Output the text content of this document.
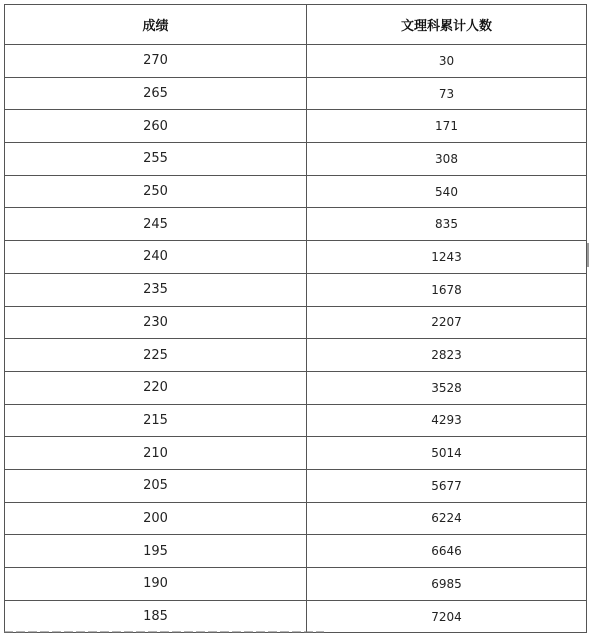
成绩	文理科累计人数
270	30
265	73
260	171
255	308
250	540
245	835
240	1243
235	1678
230	2207
225	2823
220	3528
215	4293
210	5014
205	5677
200	6224
195	6646
190	6985
185	7204
